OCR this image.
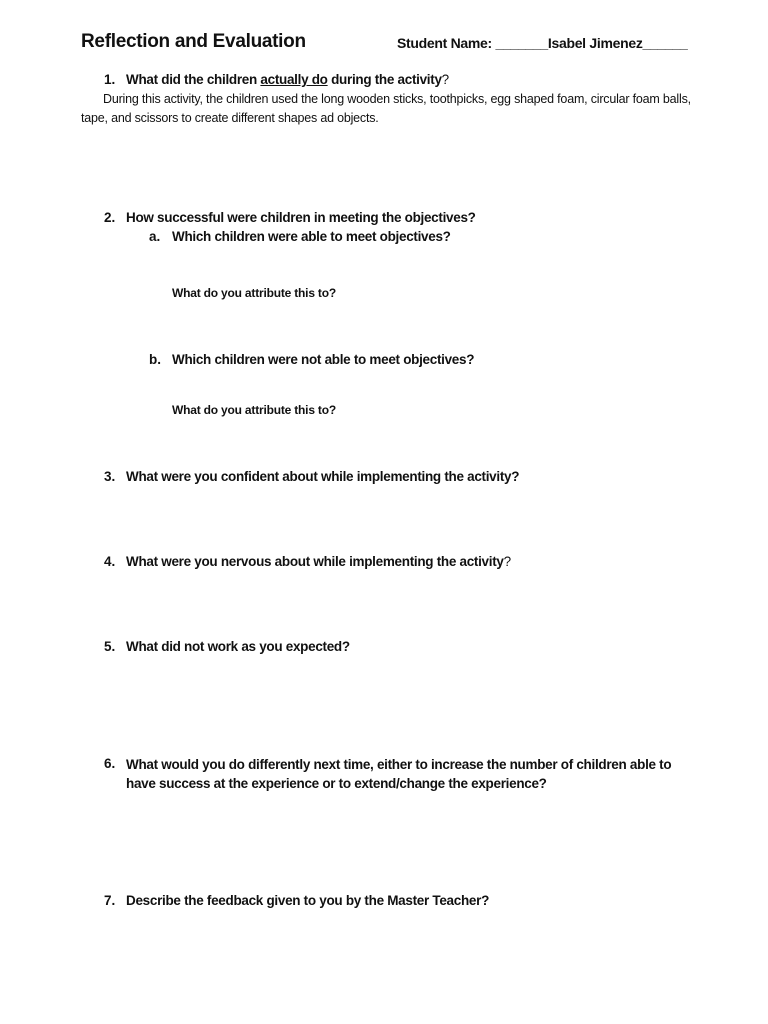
Reflection and Evaluation	Student Name: _______Isabel Jimenez______
1. What did the children actually do during the activity?
During this activity, the children used the long wooden sticks, toothpicks, egg shaped foam, circular foam balls, tape, and scissors to create different shapes ad objects.
2. How successful were children in meeting the objectives?
a. Which children were able to meet objectives?
What do you attribute this to?
b. Which children were not able to meet objectives?
What do you attribute this to?
3. What were you confident about while implementing the activity?
4. What were you nervous about while implementing the activity?
5. What did not work as you expected?
6. What would you do differently next time, either to increase the number of children able to have success at the experience or to extend/change the experience?
7. Describe the feedback given to you by the Master Teacher?
